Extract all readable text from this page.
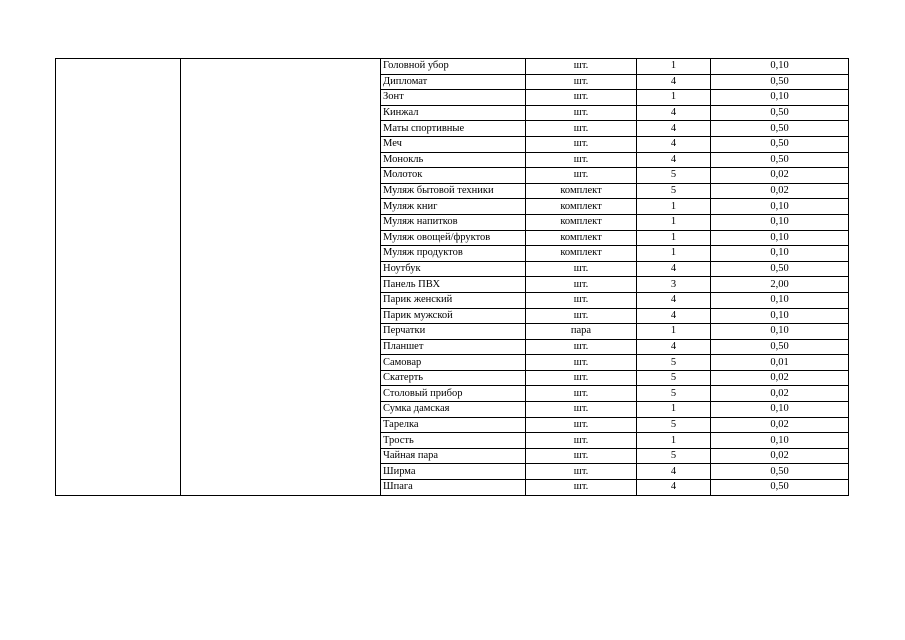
		Головной убор	шт.	1	0,10
		Дипломат	шт.	4	0,50
		Зонт	шт.	1	0,10
		Кинжал	шт.	4	0,50
		Маты спортивные	шт.	4	0,50
		Меч	шт.	4	0,50
		Монокль	шт.	4	0,50
		Молоток	шт.	5	0,02
		Муляж бытовой техники	комплект	5	0,02
		Муляж книг	комплект	1	0,10
		Муляж напитков	комплект	1	0,10
		Муляж овощей/фруктов	комплект	1	0,10
		Муляж продуктов	комплект	1	0,10
		Ноутбук	шт.	4	0,50
		Панель ПВХ	шт.	3	2,00
		Парик женский	шт.	4	0,10
		Парик мужской	шт.	4	0,10
		Перчатки	пара	1	0,10
		Планшет	шт.	4	0,50
		Самовар	шт.	5	0,01
		Скатерть	шт.	5	0,02
		Столовый прибор	шт.	5	0,02
		Сумка дамская	шт.	1	0,10
		Тарелка	шт.	5	0,02
		Трость	шт.	1	0,10
		Чайная пара	шт.	5	0,02
		Ширма	шт.	4	0,50
		Шпага	шт.	4	0,50
